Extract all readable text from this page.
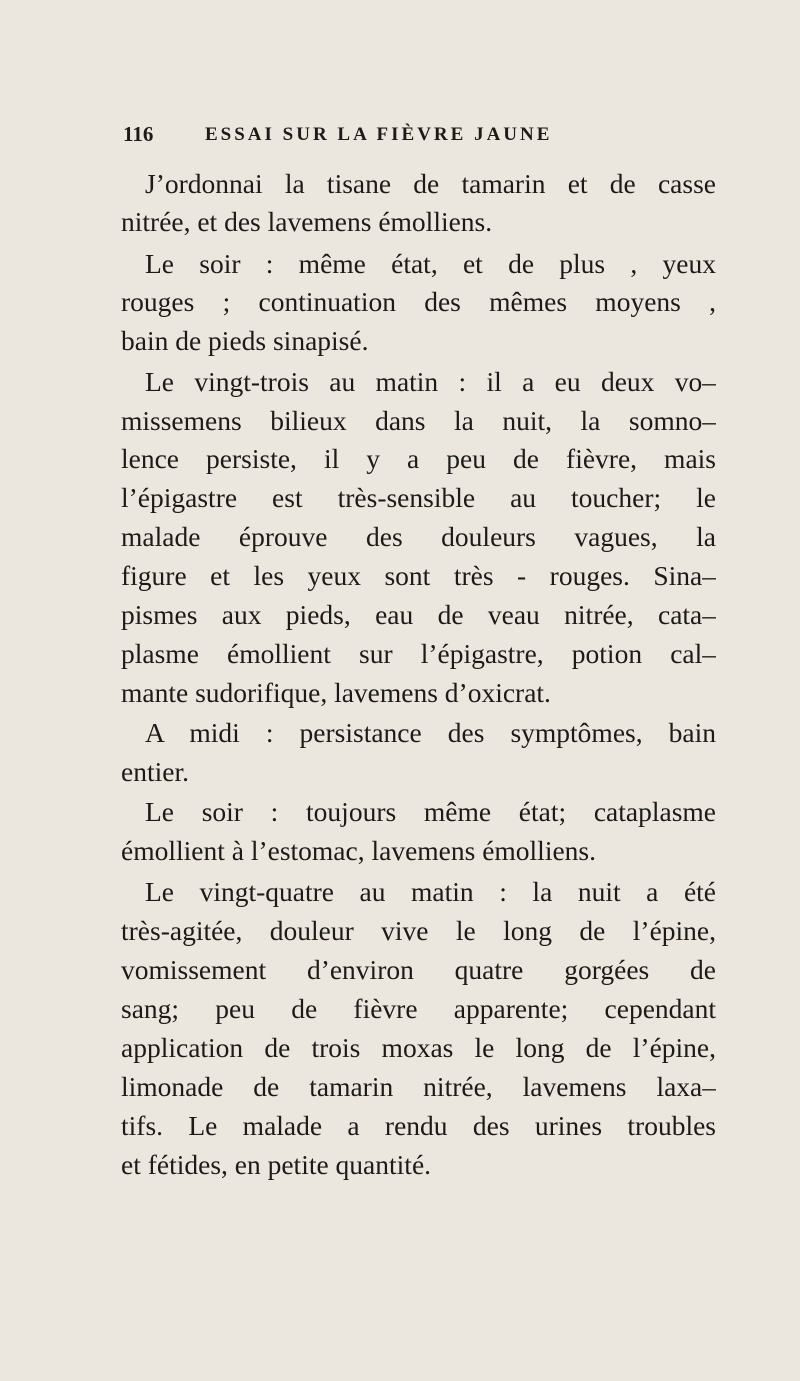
116	ESSAI SUR LA FIÈVRE JAUNE
J’ordonnai la tisane de tamarin et de casse
nitrée, et des lavemens émolliens.
Le soir : même état, et de plus , yeux
rouges ; continuation des mêmes moyens ,
bain de pieds sinapisé.
Le vingt-trois au matin : il a eu deux vo–
missemens bilieux dans la nuit, la somno–
lence persiste, il y a peu de fièvre, mais
l’épigastre est très-sensible au toucher; le
malade éprouve des douleurs vagues, la
figure et les yeux sont très - rouges. Sina–
pismes aux pieds, eau de veau nitrée, cata–
plasme émollient sur l’épigastre, potion cal–
mante sudorifique, lavemens d’oxicrat.
A midi : persistance des symptômes, bain
entier.
Le soir : toujours même état; cataplasme
émollient à l’estomac, lavemens émolliens.
Le vingt-quatre au matin : la nuit a été
très-agitée, douleur vive le long de l’épine,
vomissement d’environ quatre gorgées de
sang; peu de fièvre apparente; cependant
application de trois moxas le long de l’épine,
limonade de tamarin nitrée, lavemens laxa–
tifs. Le malade a rendu des urines troubles
et fétides, en petite quantité.
